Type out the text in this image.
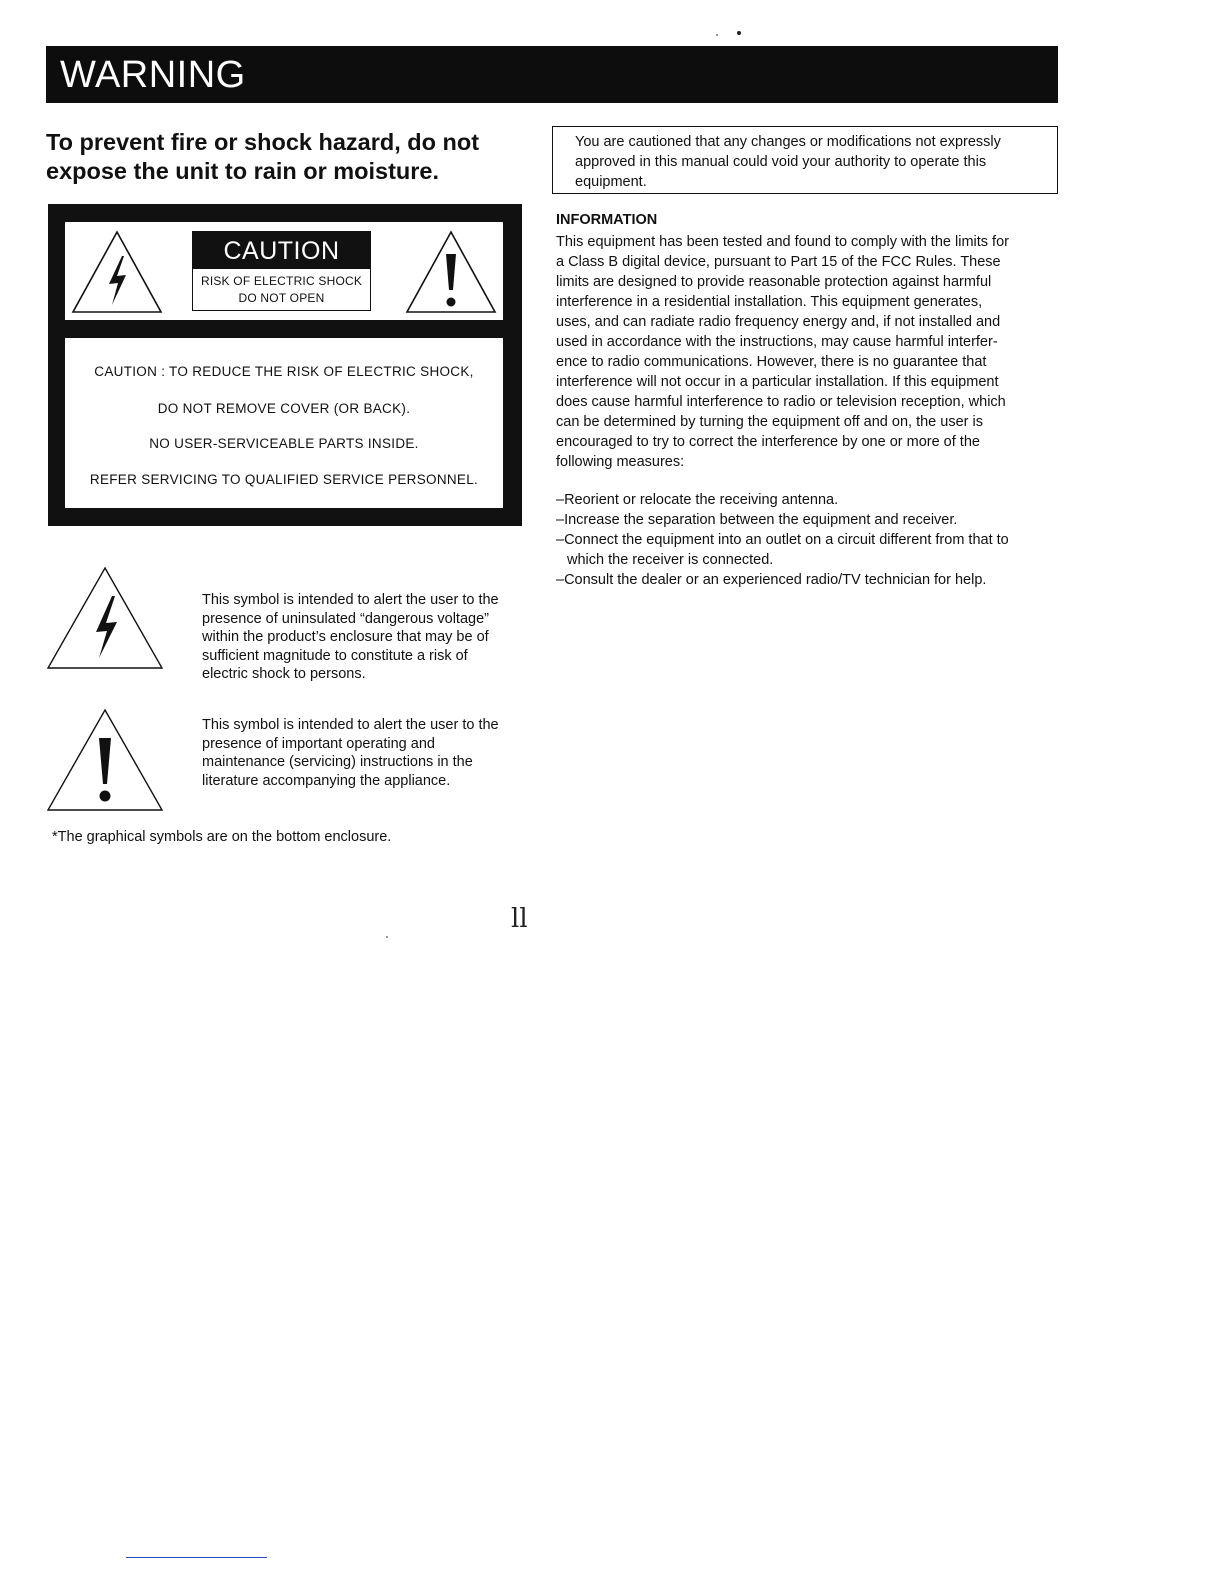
WARNING
To prevent fire or shock hazard, do not
expose the unit to rain or moisture.
CAUTION
RISK OF ELECTRIC SHOCK
DO NOT OPEN
CAUTION : TO REDUCE THE RISK OF ELECTRIC SHOCK,
DO NOT REMOVE COVER (OR BACK).
NO USER-SERVICEABLE PARTS INSIDE.
REFER SERVICING TO QUALIFIED SERVICE PERSONNEL.
This symbol is intended to alert the user to the
presence of uninsulated “dangerous voltage”
within the product’s enclosure that may be of
sufficient magnitude to constitute a risk of
electric shock to persons.
This symbol is intended to alert the user to the
presence of important operating and
maintenance (servicing) instructions in the
literature accompanying the appliance.
*The graphical symbols are on the bottom enclosure.
You are cautioned that any changes or modifications not expressly
approved in this manual could void your authority to operate this
equipment.
INFORMATION
This equipment has been tested and found to comply with the limits for
a Class B digital device, pursuant to Part 15 of the FCC Rules. These
limits are designed to provide reasonable protection against harmful
interference in a residential installation. This equipment generates,
uses, and can radiate radio frequency energy and, if not installed and
used in accordance with the instructions, may cause harmful interfer-
ence to radio communications. However, there is no guarantee that
interference will not occur in a particular installation. If this equipment
does cause harmful interference to radio or television reception, which
can be determined by turning the equipment off and on, the user is
encouraged to try to correct the interference by one or more of the
following measures:
–Reorient or relocate the receiving antenna.
–Increase the separation between the equipment and receiver.
–Connect the equipment into an outlet on a circuit different from that to
which the receiver is connected.
–Consult the dealer or an experienced radio/TV technician for help.
ll
